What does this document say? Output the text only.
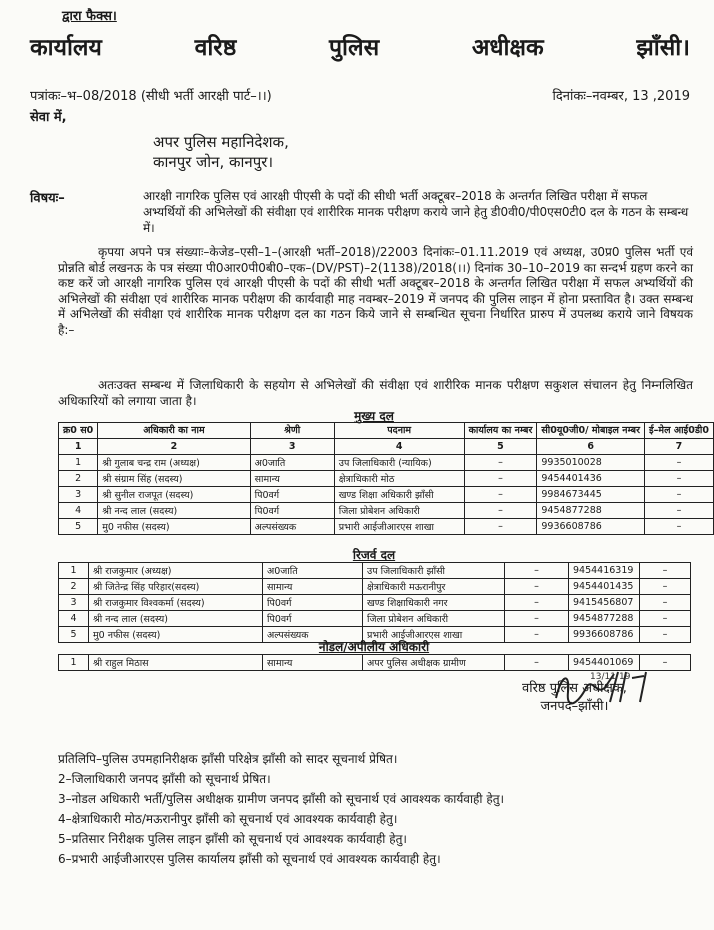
द्वारा फैक्स।
कार्यालय	वरिष्ठ	पुलिस	अधीक्षक	झाँसी।
पत्रांकः–भ–08/2018 (सीधी भर्ती आरक्षी पार्ट–।।)	दिनांकः–नवम्बर, 13 ,2019
सेवा में,
अपर पुलिस महानिदेशक,
कानपुर जोन, कानपुर।
विषयः–	आरक्षी नागरिक पुलिस एवं आरक्षी पीएसी के पदों की सीधी भर्ती अक्टूबर–2018 के अन्तर्गत लिखित परीक्षा में सफल अभ्यर्थियों की अभिलेखों की संवीक्षा एवं शारीरिक मानक परीक्षण कराये जाने हेतु डी0वी0/पी0एस0टी0 दल के गठन के सम्बन्ध में।
कृपया अपने पत्र संख्याः–केजेड–एसी–1–(आरक्षी भर्ती–2018)/22003 दिनांकः–01.11.2019 एवं अध्यक्ष, उ0प्र0 पुलिस भर्ती एवं प्रोन्नति बोर्ड लखनऊ के पत्र संख्या पी0आर0पी0बी0–एक–(DV/PST)–2(1138)/2018(।।) दिनांक 30–10–2019 का सन्दर्भ ग्रहण करने का कष्ट करें जो आरक्षी नागरिक पुलिस एवं आरक्षी पीएसी के पदों की सीधी भर्ती अक्टूबर–2018 के अन्तर्गत लिखित परीक्षा में सफल अभ्यर्थियों की अभिलेखों की संवीक्षा एवं शारीरिक मानक परीक्षण की कार्यवाही माह नवम्बर–2019 में जनपद की पुलिस लाइन में होना प्रस्तावित है। उक्त सम्बन्ध में अभिलेखों की संवीक्षा एवं शारीरिक मानक परीक्षण दल का गठन किये जाने से सम्बन्धित सूचना निर्धारित प्रारुप में उपलब्ध कराये जाने विषयक है:–
अतःउक्त सम्बन्ध में जिलाधिकारी के सहयोग से अभिलेखों की संवीक्षा एवं शारीरिक मानक परीक्षण सकुशल संचालन हेतु निम्नलिखित अधिकारियों को लगाया जाता है।
मुख्य दल
क्र0 स0	अधिकारी का नाम	श्रेणी	पदनाम	कार्यालय का नम्बर	सी0यू0जी0/ मोबाइल नम्बर	ई–मेल आई0डी0
1	2	3	4	5	6	7
1	श्री गुलाब चन्द्र राम (अध्यक्ष)	अ0जाति	उप जिलाधिकारी (न्यायिक)	–	9935010028	–
2	श्री संग्राम सिंह (सदस्य)	सामान्य	क्षेत्राधिकारी मोठ	–	9454401436	–
3	श्री सुनील राजपूत (सदस्य)	पि0वर्ग	खण्ड शिक्षा अधिकारी झाँसी	–	9984673445	–
4	श्री नन्द लाल (सदस्य)	पि0वर्ग	जिला प्रोबेशन अधिकारी	–	9454877288	–
5	मु0 नफीस (सदस्य)	अल्पसंख्यक	प्रभारी आईजीआरएस शाखा	–	9936608786	–
रिजर्व दल
1	श्री राजकुमार (अध्यक्ष)	अ0जाति	उप जिलाधिकारी झाँसी	–	9454416319	–
2	श्री जितेन्द्र सिंह परिहार(सदस्य)	सामान्य	क्षेत्राधिकारी मऊरानीपुर	–	9454401435	–
3	श्री राजकुमार विश्वकर्मा (सदस्य)	पि0वर्ग	खण्ड शिक्षाधिकारी नगर	–	9415456807	–
4	श्री नन्द लाल (सदस्य)	पि0वर्ग	जिला प्रोबेशन अधिकारी	–	9454877288	–
5	मु0 नफीस (सदस्य)	अल्पसंख्यक	प्रभारी आईजीआरएस शाखा	–	9936608786	–
नोडल/अपीलीय अधिकारी
1	श्री राहुल मिठास	सामान्य	अपर पुलिस अधीक्षक ग्रामीण	–	9454401069	–
वरिष्ठ पुलिस अधीक्षक,
जनपद–झाँसी।
13/11/19
प्रतिलिपि–पुलिस उपमहानिरीक्षक झाँसी परिक्षेत्र झाँसी को सादर सूचनार्थ प्रेषित।
2–जिलाधिकारी जनपद झाँसी को सूचनार्थ प्रेषित।
3–नोडल अधिकारी भर्ती/पुलिस अधीक्षक ग्रामीण जनपद झाँसी को सूचनार्थ एवं आवश्यक कार्यवाही हेतु।
4–क्षेत्राधिकारी मोठ/मऊरानीपुर झाँसी को सूचनार्थ एवं आवश्यक कार्यवाही हेतु।
5–प्रतिसार निरीक्षक पुलिस लाइन झाँसी को सूचनार्थ एवं आवश्यक कार्यवाही हेतु।
6–प्रभारी आईजीआरएस पुलिस कार्यालय झाँसी को सूचनार्थ एवं आवश्यक कार्यवाही हेतु।
